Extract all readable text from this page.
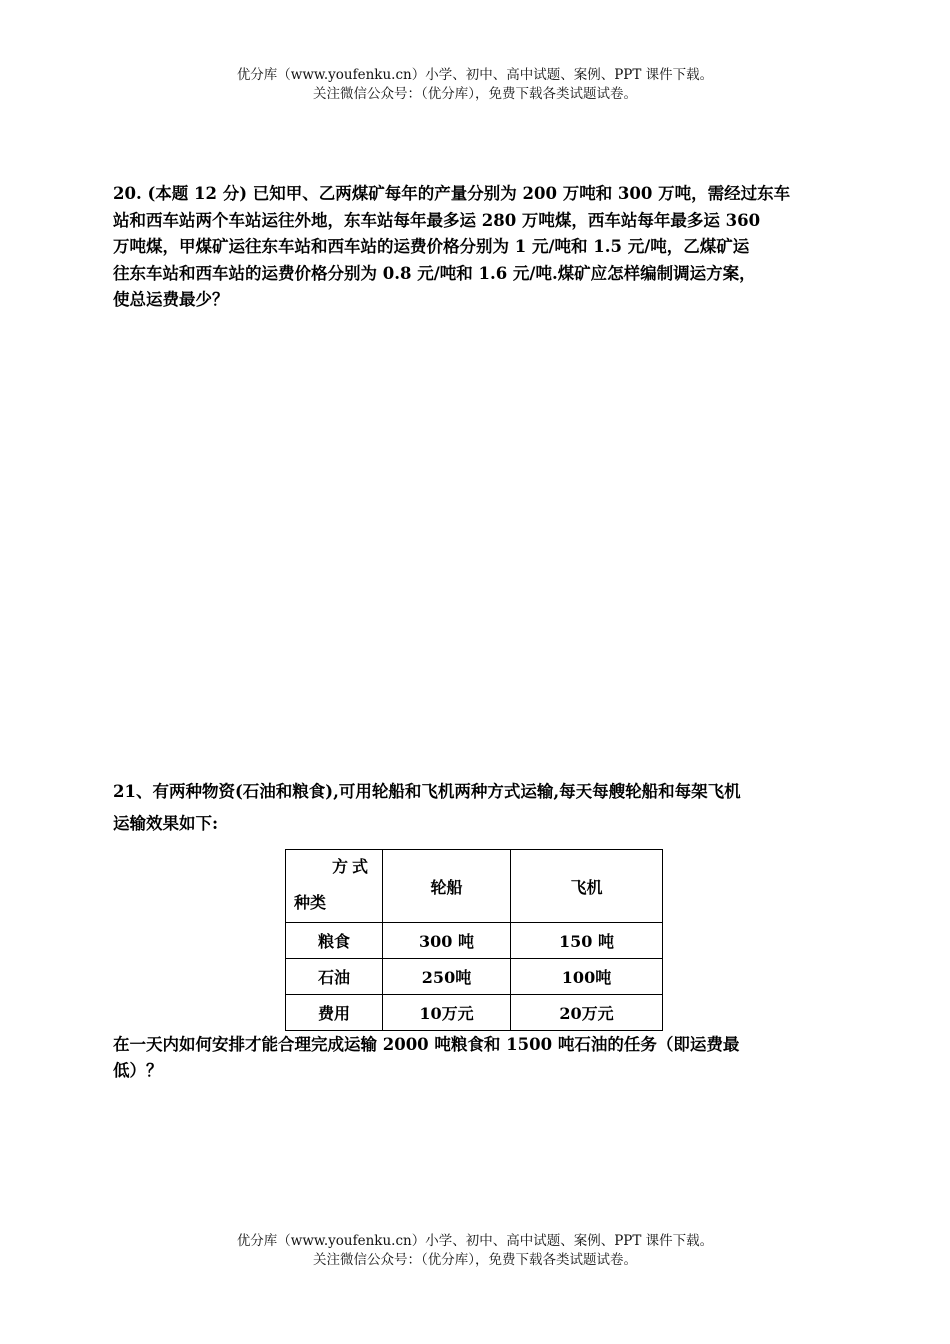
优分库（www.youfenku.cn）小学、初中、高中试题、案例、PPT 课件下载。
关注微信公众号：（优分库），免费下载各类试题试卷。
20. (本题 12 分) 已知甲、乙两煤矿每年的产量分别为 200 万吨和 300 万吨，需经过东车
站和西车站两个车站运往外地，东车站每年最多运 280 万吨煤，西车站每年最多运 360
万吨煤，甲煤矿运往东车站和西车站的运费价格分别为 1 元/吨和 1.5 元/吨，乙煤矿运
往东车站和西车站的运费价格分别为 0.8 元/吨和 1.6 元/吨.煤矿应怎样编制调运方案，
使总运费最少？
21、有两种物资(石油和粮食),可用轮船和飞机两种方式运输,每天每艘轮船和每架飞机
运输效果如下:
方式
种类	轮船	飞机
粮食	300 吨	150 吨
石油	250吨	100吨
费用	10万元	20万元
在一天内如何安排才能合理完成运输 2000 吨粮食和 1500 吨石油的任务（即运费最
低）？
优分库（www.youfenku.cn）小学、初中、高中试题、案例、PPT 课件下载。
关注微信公众号：（优分库），免费下载各类试题试卷。
